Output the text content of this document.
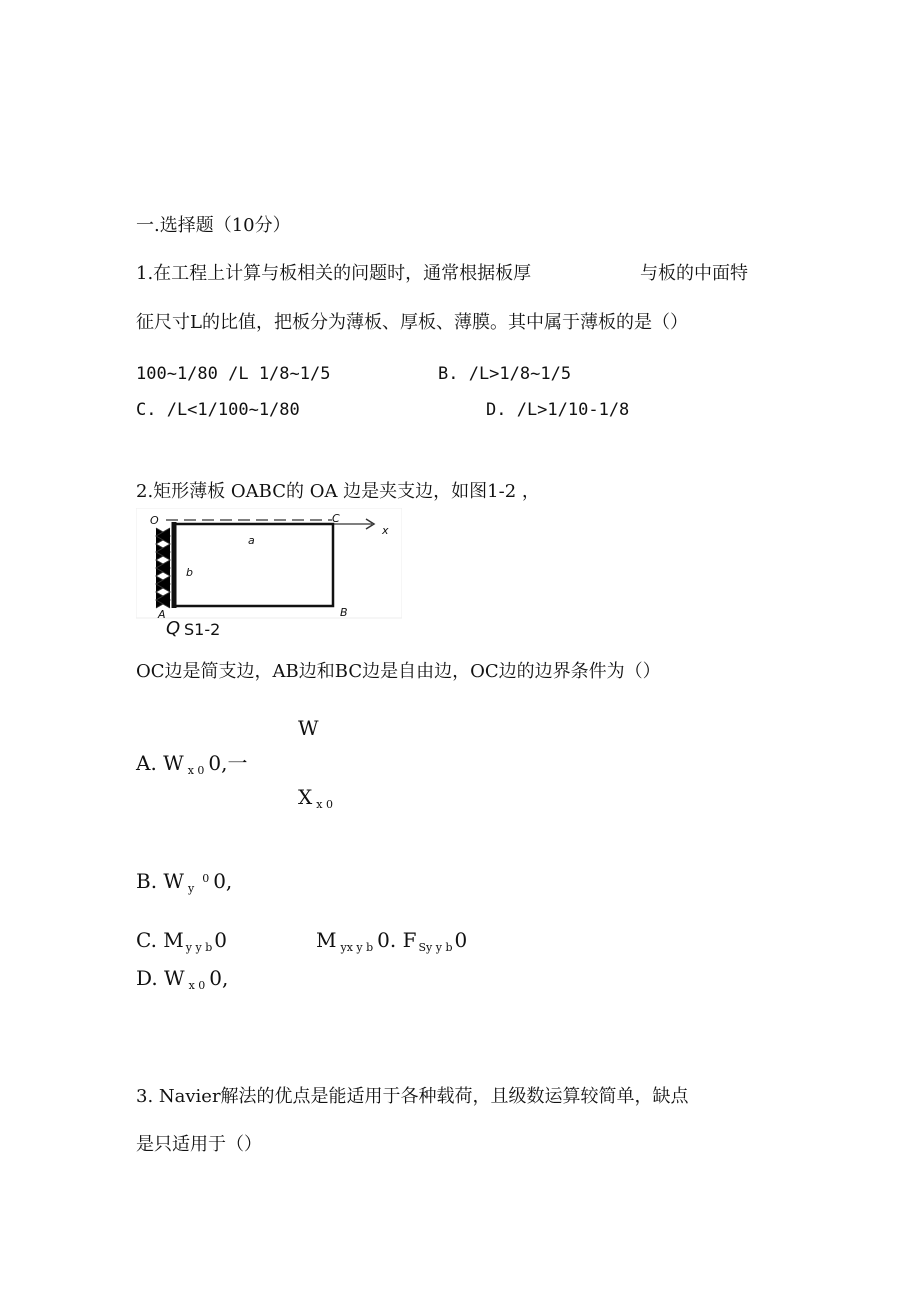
一.选择题（10分）
1.在工程上计算与板相关的问题时，通常根据板厚	与板的中面特
征尺寸L的比值，把板分为薄板、厚板、薄膜。其中属于薄板的是（）
100~1/80 /L 1/8~1/5	B. /L>1/8~1/5
C. /L<1/100~1/80	D. /L>1/10-1/8
2.矩形薄板 OABC的 OA 边是夹支边，如图1-2 ，
O	C
x
a
b
A	B
Q S1-2
OC边是简支边，AB边和BC边是自由边，OC边的边界条件为（）
W
A. W $_{x 0}$ 0,一
X $_{x 0}$
B. W $_y^0$ 0,
C. M $_{y y b}$ 0	M $_{yx y b}$ 0. F $_{Sy y b}$ 0
D. W $_{x 0}$ 0,
3. Navier解法的优点是能适用于各种载荷，且级数运算较简单，缺点
是只适用于（）
